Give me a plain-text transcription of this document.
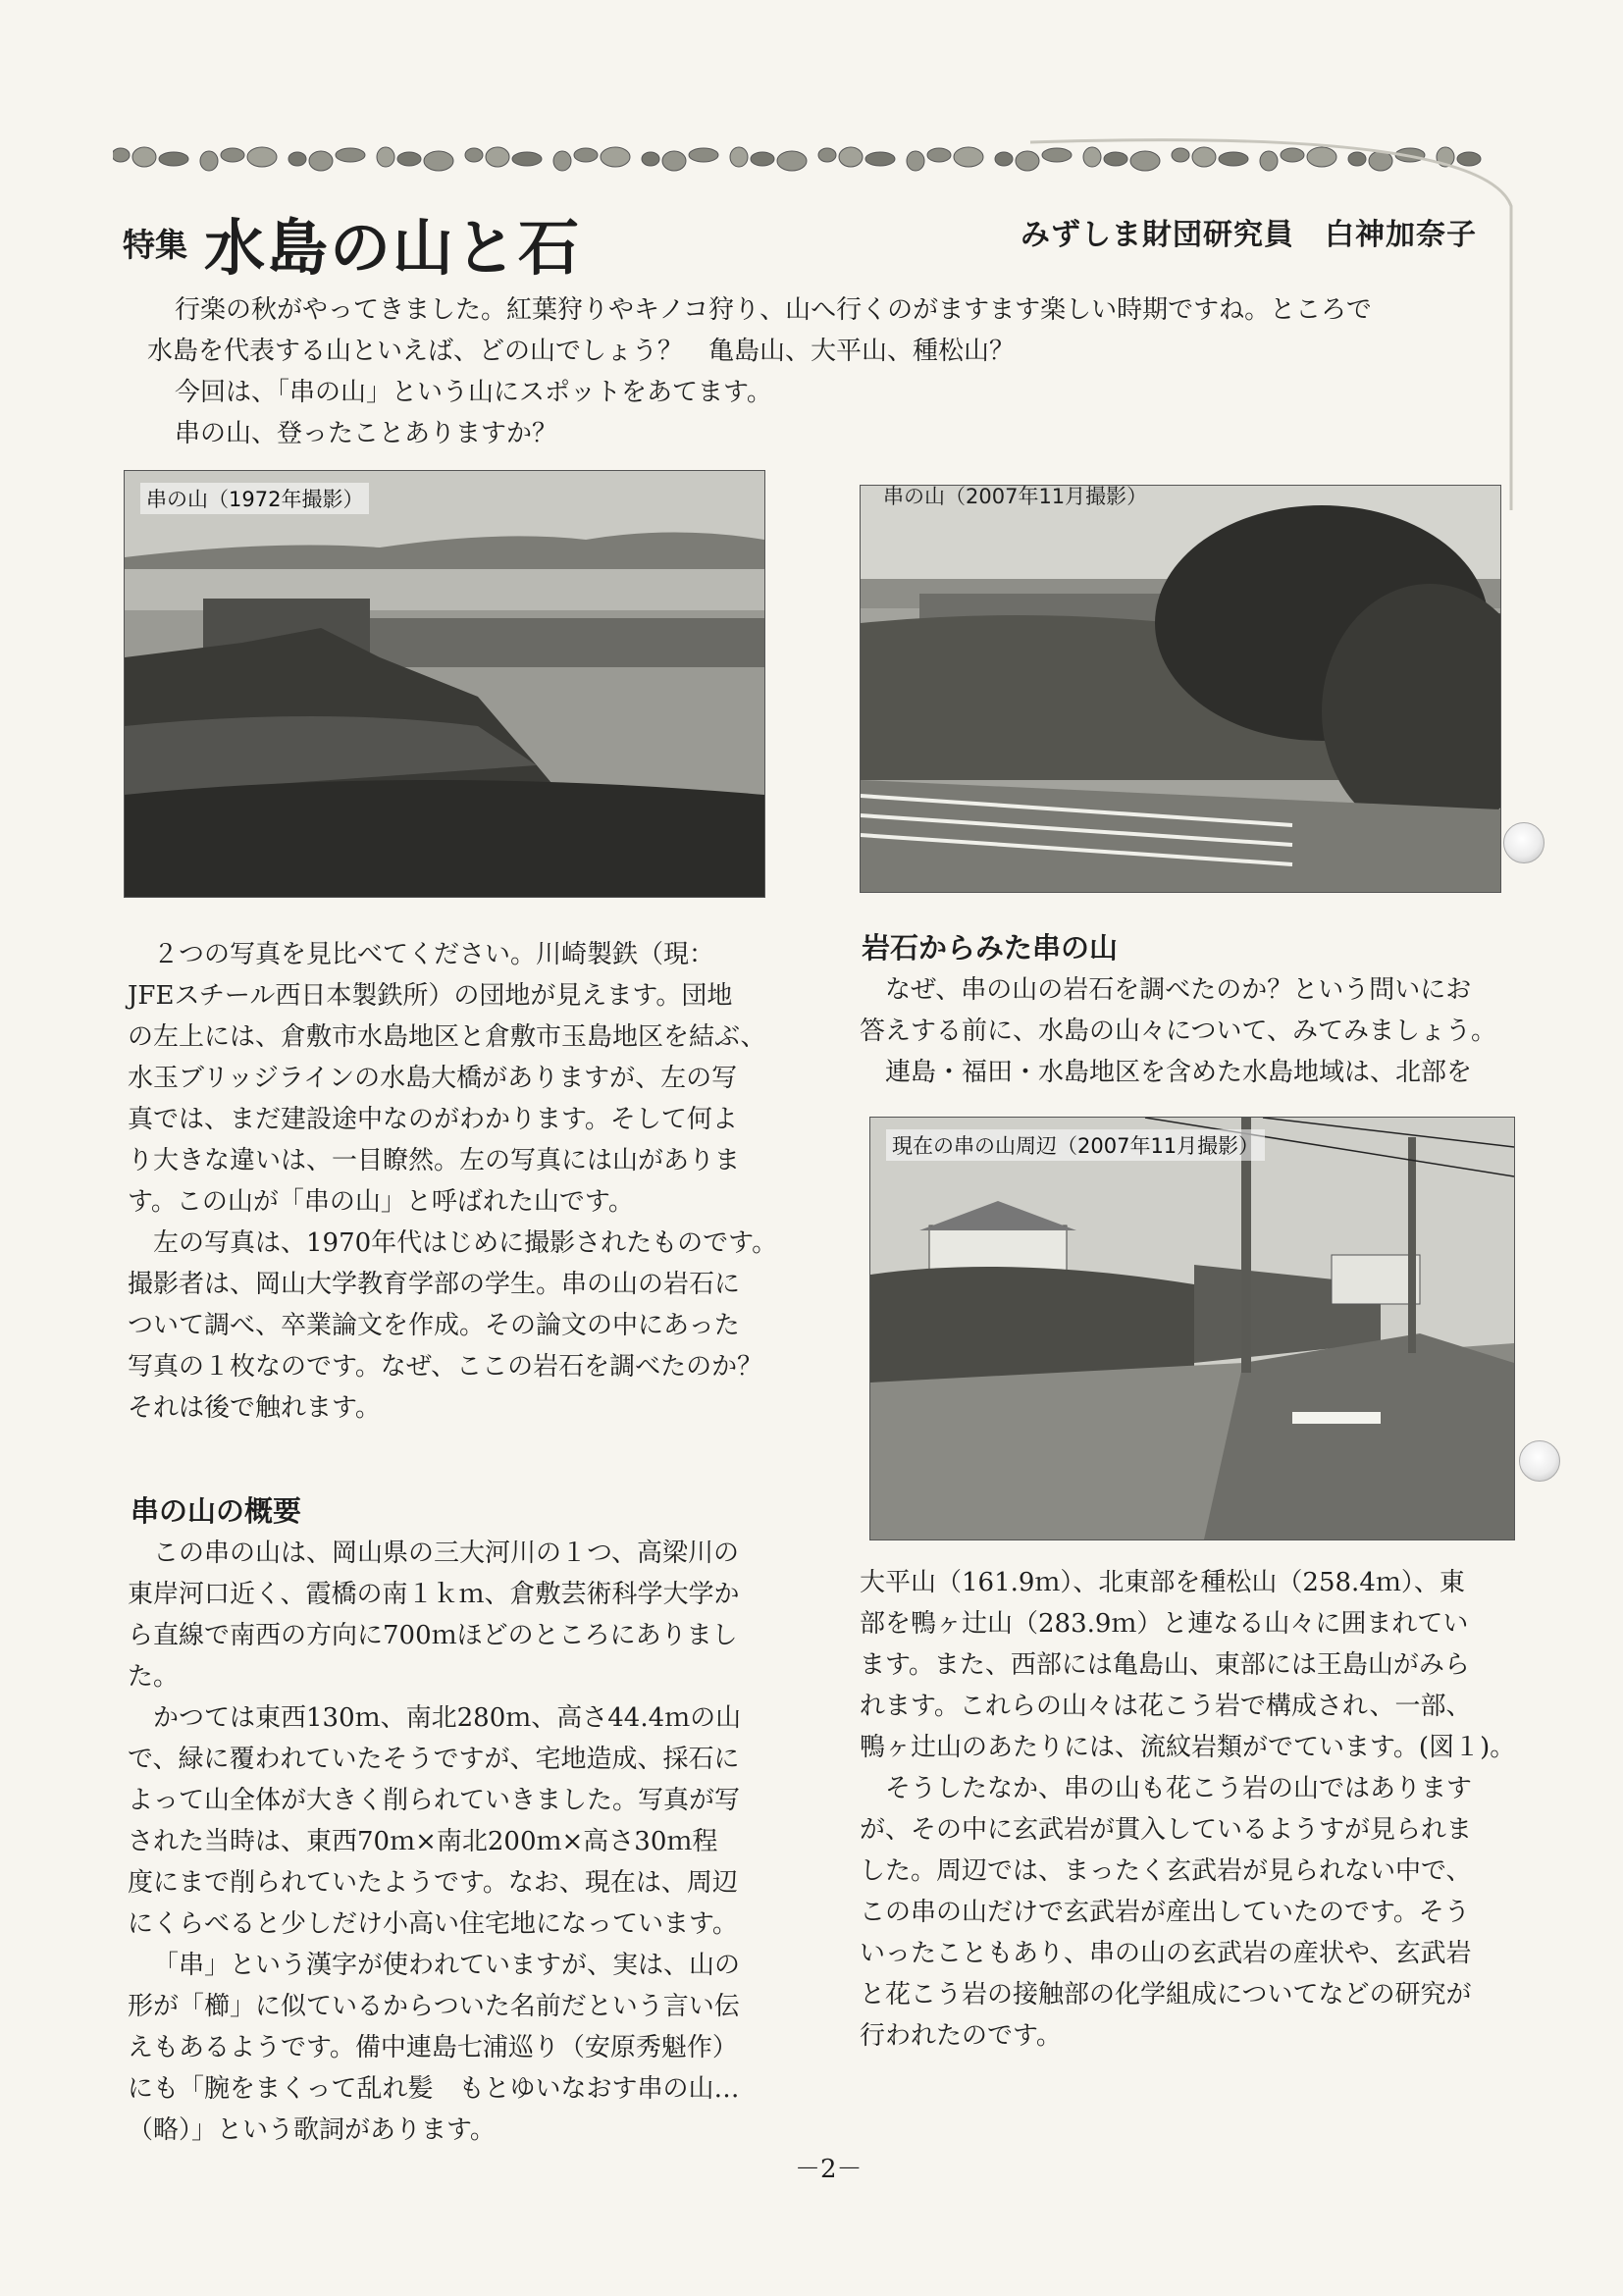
特集 水島の山と石	みずしま財団研究員　白神加奈子
行楽の秋がやってきました。紅葉狩りやキノコ狩り、山へ行くのがますます楽しい時期ですね。ところで
水島を代表する山といえば、どの山でしょう？　亀島山、大平山、種松山？
今回は、「串の山」という山にスポットをあてます。
串の山、登ったことありますか？
串の山（1972年撮影）	串の山（2007年11月撮影）
現在の串の山周辺（2007年11月撮影）
２つの写真を見比べてください。川崎製鉄（現：
JFEスチール西日本製鉄所）の団地が見えます。団地
の左上には、倉敷市水島地区と倉敷市玉島地区を結ぶ、
水玉ブリッジラインの水島大橋がありますが、左の写
真では、まだ建設途中なのがわかります。そして何よ
り大きな違いは、一目瞭然。左の写真には山がありま
す。この山が「串の山」と呼ばれた山です。
左の写真は、1970年代はじめに撮影されたものです。
撮影者は、岡山大学教育学部の学生。串の山の岩石に
ついて調べ、卒業論文を作成。その論文の中にあった
写真の１枚なのです。なぜ、ここの岩石を調べたのか？
それは後で触れます。
串の山の概要
この串の山は、岡山県の三大河川の１つ、高梁川の
東岸河口近く、霞橋の南１ｋｍ、倉敷芸術科学大学か
ら直線で南西の方向に700ｍほどのところにありまし
た。
かつては東西130ｍ、南北280ｍ、高さ44.4ｍの山
で、緑に覆われていたそうですが、宅地造成、採石に
よって山全体が大きく削られていきました。写真が写
された当時は、東西70ｍ×南北200ｍ×高さ30ｍ程
度にまで削られていたようです。なお、現在は、周辺
にくらべると少しだけ小高い住宅地になっています。
「串」という漢字が使われていますが、実は、山の
形が「櫛」に似ているからついた名前だという言い伝
えもあるようです。備中連島七浦巡り（安原秀魁作）
にも「腕をまくって乱れ髪　もとゆいなおす串の山…
（略）」という歌詞があります。
岩石からみた串の山
なぜ、串の山の岩石を調べたのか？という問いにお
答えする前に、水島の山々について、みてみましょう。
連島・福田・水島地区を含めた水島地域は、北部を
大平山（161.9ｍ）、北東部を種松山（258.4ｍ）、東
部を鴨ヶ辻山（283.9ｍ）と連なる山々に囲まれてい
ます。また、西部には亀島山、東部には王島山がみら
れます。これらの山々は花こう岩で構成され、一部、
鴨ヶ辻山のあたりには、流紋岩類がでています。(図１)。
そうしたなか、串の山も花こう岩の山ではあります
が、その中に玄武岩が貫入しているようすが見られま
した。周辺では、まったく玄武岩が見られない中で、
この串の山だけで玄武岩が産出していたのです。そう
いったこともあり、串の山の玄武岩の産状や、玄武岩
と花こう岩の接触部の化学組成についてなどの研究が
行われたのです。
－2－
